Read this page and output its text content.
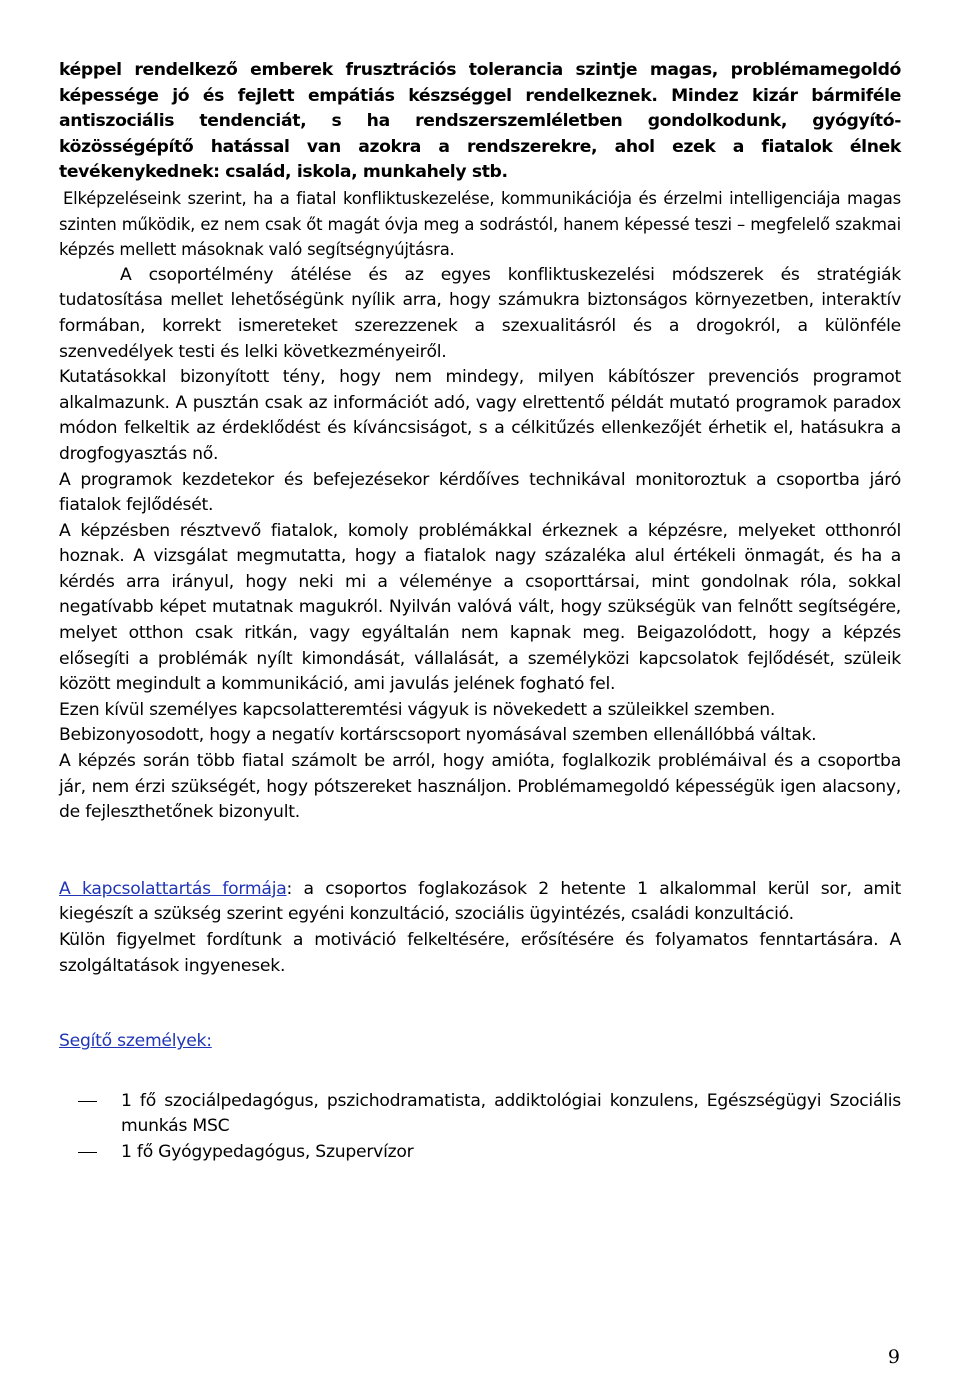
képpel rendelkező emberek frusztrációs tolerancia szintje magas, problémamegoldó képessége jó és fejlett empátiás készséggel rendelkeznek. Mindez kizár bármiféle antiszociális tendenciát, s ha rendszerszemléletben gondolkodunk, gyógyító-közösségépítő hatással van azokra a rendszerekre, ahol ezek a fiatalok élnek tevékenykednek: család, iskola, munkahely stb.

Elképzeléseink szerint, ha a fiatal konfliktuskezelése, kommunikációja és érzelmi intelligenciája magas szinten működik, ez nem csak őt magát óvja meg a sodrástól, hanem képessé teszi – megfelelő szakmai képzés mellett másoknak való segítségnyújtásra.

A csoportélmény átélése és az egyes konfliktuskezelési módszerek és stratégiák tudatosítása mellet lehetőségünk nyílik arra, hogy számukra biztonságos környezetben, interaktív formában, korrekt ismereteket szerezzenek a szexualitásról és a drogokról, a különféle szenvedélyek testi és lelki következményeiről.

Kutatásokkal bizonyított tény, hogy nem mindegy, milyen kábítószer prevenciós programot alkalmazunk. A pusztán csak az információt adó, vagy elrettentő példát mutató programok paradox módon felkeltik az érdeklődést és kíváncsiságot, s a célkitűzés ellenkezőjét érhetik el, hatásukra a drogfogyasztás nő.

A programok kezdetekor és befejezésekor kérdőíves technikával monitoroztuk a csoportba járó fiatalok fejlődését.

A képzésben résztvevő fiatalok, komoly problémákkal érkeznek a képzésre, melyeket otthonról hoznak. A vizsgálat megmutatta, hogy a fiatalok nagy százaléka alul értékeli önmagát, és ha a kérdés arra irányul, hogy neki mi a véleménye a csoporttársai, mint gondolnak róla, sokkal negatívabb képet mutatnak magukról. Nyilván valóvá vált, hogy szükségük van felnőtt segítségére, melyet otthon csak ritkán, vagy egyáltalán nem kapnak meg. Beigazolódott, hogy a képzés elősegíti a problémák nyílt kimondását, vállalását, a személyközi kapcsolatok fejlődését, szüleik között megindult a kommunikáció, ami javulás jelének fogható fel.

Ezen kívül személyes kapcsolatteremtési vágyuk is növekedett a szüleikkel szemben.

Bebizonyosodott, hogy a negatív kortárscsoport nyomásával szemben ellenállóbbá váltak.

A képzés során több fiatal számolt be arról, hogy amióta, foglalkozik problémáival és a csoportba jár, nem érzi szükségét, hogy pótszereket használjon. Problémamegoldó képességük igen alacsony, de fejleszthetőnek bizonyult.

A kapcsolattartás formája: a csoportos foglakozások 2 hetente 1 alkalommal kerül sor, amit kiegészít a szükség szerint egyéni konzultáció, szociális ügyintézés, családi konzultáció.

Külön figyelmet fordítunk a motiváció felkeltésére, erősítésére és folyamatos fenntartására. A szolgáltatások ingyenesek.

Segítő személyek:

1 fő szociálpedagógus, pszichodramatista, addiktológiai konzulens, Egészségügyi Szociális munkás MSC
1 fő Gyógypedagógus, Szupervízor
9
